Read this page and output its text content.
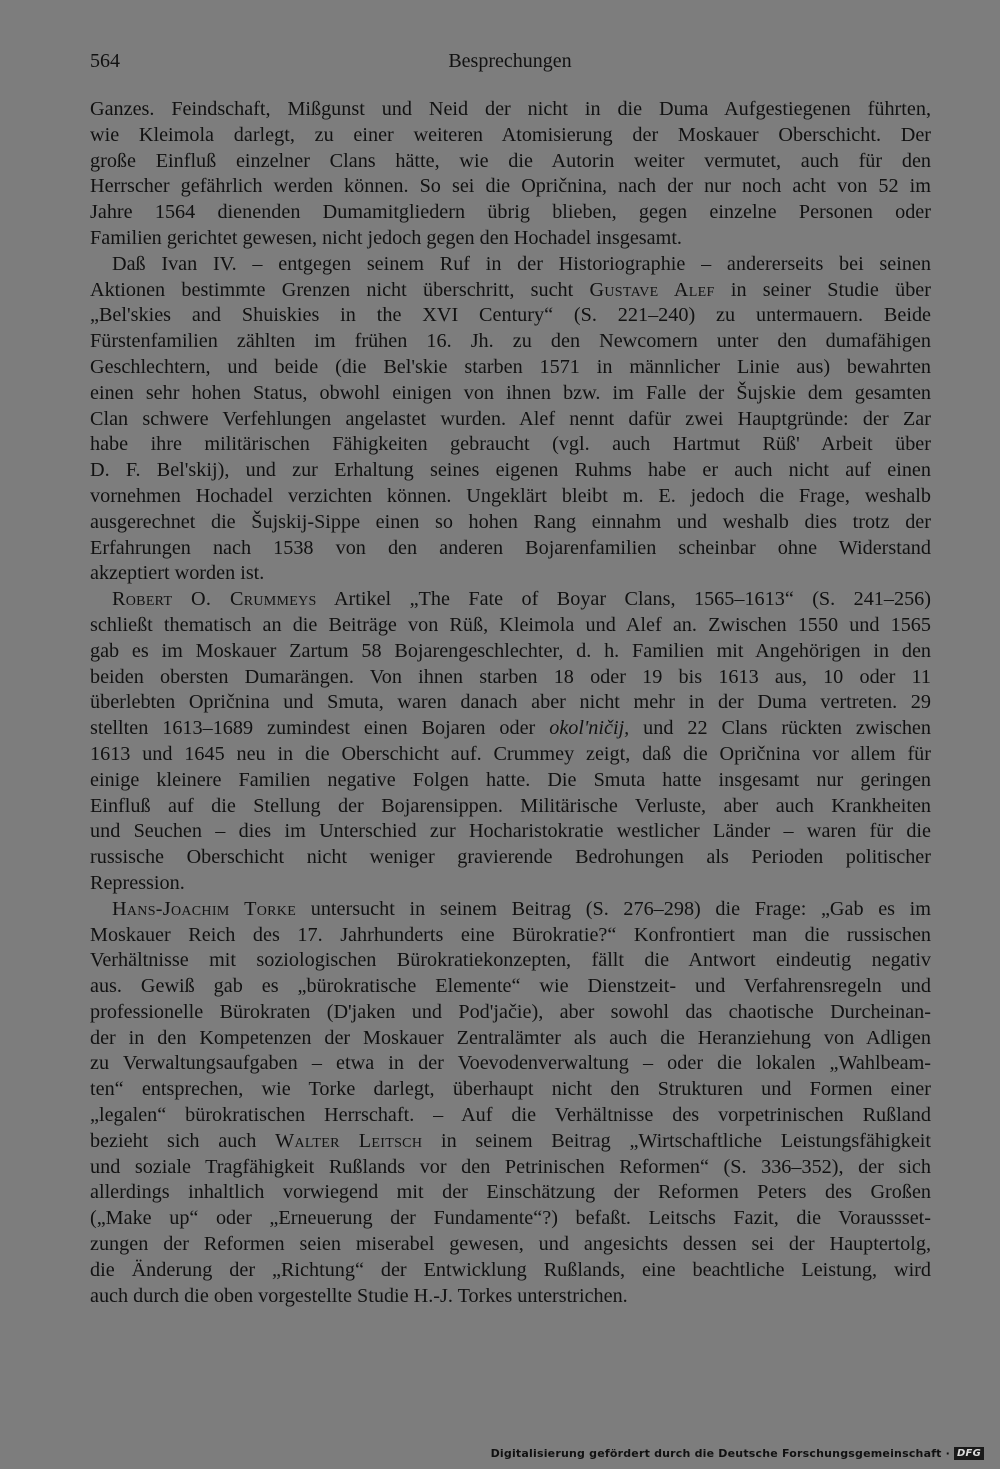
564	Besprechungen
Ganzes. Feindschaft, Mißgunst und Neid der nicht in die Duma Aufgestiegenen führten,
wie Kleimola darlegt, zu einer weiteren Atomisierung der Moskauer Oberschicht. Der
große Einfluß einzelner Clans hätte, wie die Autorin weiter vermutet, auch für den
Herrscher gefährlich werden können. So sei die Opričnina, nach der nur noch acht von 52 im
Jahre 1564 dienenden Dumamitgliedern übrig blieben, gegen einzelne Personen oder
Familien gerichtet gewesen, nicht jedoch gegen den Hochadel insgesamt.
Daß Ivan IV. – entgegen seinem Ruf in der Historiographie – andererseits bei seinen
Aktionen bestimmte Grenzen nicht überschritt, sucht Gustave Alef in seiner Studie über
„Bel'skies and Shuiskies in the XVI Century“ (S. 221–240) zu untermauern. Beide
Fürstenfamilien zählten im frühen 16. Jh. zu den Newcomern unter den dumafähigen
Geschlechtern, und beide (die Bel'skie starben 1571 in männlicher Linie aus) bewahrten
einen sehr hohen Status, obwohl einigen von ihnen bzw. im Falle der Šujskie dem gesamten
Clan schwere Verfehlungen angelastet wurden. Alef nennt dafür zwei Hauptgründe: der Zar
habe ihre militärischen Fähigkeiten gebraucht (vgl. auch Hartmut Rüß' Arbeit über
D. F. Bel'skij), und zur Erhaltung seines eigenen Ruhms habe er auch nicht auf einen
vornehmen Hochadel verzichten können. Ungeklärt bleibt m. E. jedoch die Frage, weshalb
ausgerechnet die Šujskij-Sippe einen so hohen Rang einnahm und weshalb dies trotz der
Erfahrungen nach 1538 von den anderen Bojarenfamilien scheinbar ohne Widerstand
akzeptiert worden ist.
Robert O. Crummeys Artikel „The Fate of Boyar Clans, 1565–1613“ (S. 241–256)
schließt thematisch an die Beiträge von Rüß, Kleimola und Alef an. Zwischen 1550 und 1565
gab es im Moskauer Zartum 58 Bojarengeschlechter, d. h. Familien mit Angehörigen in den
beiden obersten Dumarängen. Von ihnen starben 18 oder 19 bis 1613 aus, 10 oder 11
überlebten Opričnina und Smuta, waren danach aber nicht mehr in der Duma vertreten. 29
stellten 1613–1689 zumindest einen Bojaren oder okol'ničij, und 22 Clans rückten zwischen
1613 und 1645 neu in die Oberschicht auf. Crummey zeigt, daß die Opričnina vor allem für
einige kleinere Familien negative Folgen hatte. Die Smuta hatte insgesamt nur geringen
Einfluß auf die Stellung der Bojarensippen. Militärische Verluste, aber auch Krankheiten
und Seuchen – dies im Unterschied zur Hocharistokratie westlicher Länder – waren für die
russische Oberschicht nicht weniger gravierende Bedrohungen als Perioden politischer
Repression.
Hans-Joachim Torke untersucht in seinem Beitrag (S. 276–298) die Frage: „Gab es im
Moskauer Reich des 17. Jahrhunderts eine Bürokratie?“ Konfrontiert man die russischen
Verhältnisse mit soziologischen Bürokratiekonzepten, fällt die Antwort eindeutig negativ
aus. Gewiß gab es „bürokratische Elemente“ wie Dienstzeit- und Verfahrensregeln und
professionelle Bürokraten (D'jaken und Pod'jačie), aber sowohl das chaotische Durcheinan-
der in den Kompetenzen der Moskauer Zentralämter als auch die Heranziehung von Adligen
zu Verwaltungsaufgaben – etwa in der Voevodenverwaltung – oder die lokalen „Wahlbeam-
ten“ entsprechen, wie Torke darlegt, überhaupt nicht den Strukturen und Formen einer
„legalen“ bürokratischen Herrschaft. – Auf die Verhältnisse des vorpetrinischen Rußland
bezieht sich auch Walter Leitsch in seinem Beitrag „Wirtschaftliche Leistungsfähigkeit
und soziale Tragfähigkeit Rußlands vor den Petrinischen Reformen“ (S. 336–352), der sich
allerdings inhaltlich vorwiegend mit der Einschätzung der Reformen Peters des Großen
(„Make up“ oder „Erneuerung der Fundamente“?) befaßt. Leitschs Fazit, die Voraussset-
zungen der Reformen seien miserabel gewesen, und angesichts dessen sei der Hauptertolg,
die Änderung der „Richtung“ der Entwicklung Rußlands, eine beachtliche Leistung, wird
auch durch die oben vorgestellte Studie H.-J. Torkes unterstrichen.
Digitalisierung gefördert durch die Deutsche Forschungsgemeinschaft · DFG
